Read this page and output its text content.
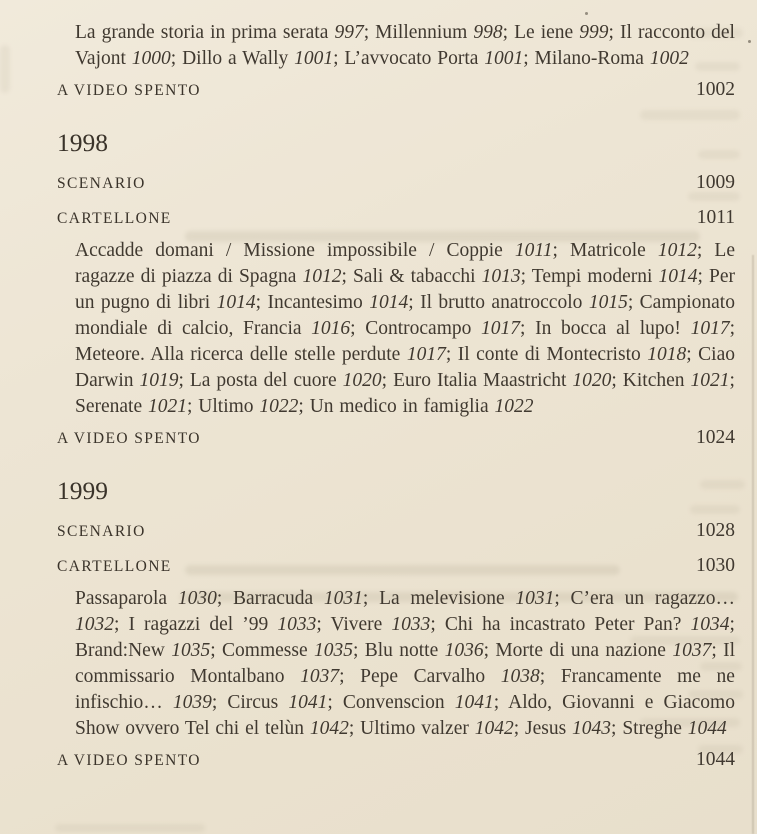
La grande storia in prima serata 997; Millennium 998; Le iene 999; Il racconto del Vajont 1000; Dillo a Wally 1001; L’avvocato Porta 1001; Milano-Roma 1002

A VIDEO SPENTO	1002
1998
SCENARIO	1009
CARTELLONE	1011

Accadde domani / Missione impossibile / Coppie 1011; Matricole 1012; Le ragazze di piazza di Spagna 1012; Sali & tabacchi 1013; Tempi moderni 1014; Per un pugno di libri 1014; Incantesimo 1014; Il brutto anatroccolo 1015; Campionato mondiale di calcio, Francia 1016; Controcampo 1017; In bocca al lupo! 1017; Meteore. Alla ricerca delle stelle perdute 1017; Il conte di Montecristo 1018; Ciao Darwin 1019; La posta del cuore 1020; Euro Italia Maastricht 1020; Kitchen 1021; Serenate 1021; Ultimo 1022; Un medico in famiglia 1022

A VIDEO SPENTO	1024
1999
SCENARIO	1028
CARTELLONE	1030

Passaparola 1030; Barracuda 1031; La melevisione 1031; C’era un ragazzo… 1032; I ragazzi del ’99 1033; Vivere 1033; Chi ha incastrato Peter Pan? 1034; Brand:New 1035; Commesse 1035; Blu notte 1036; Morte di una nazione 1037; Il commissario Montalbano 1037; Pepe Carvalho 1038; Francamente me ne infischio… 1039; Circus 1041; Convenscion 1041; Aldo, Giovanni e Giacomo Show ovvero Tel chi el telùn 1042; Ultimo valzer 1042; Jesus 1043; Streghe 1044

A VIDEO SPENTO	1044
